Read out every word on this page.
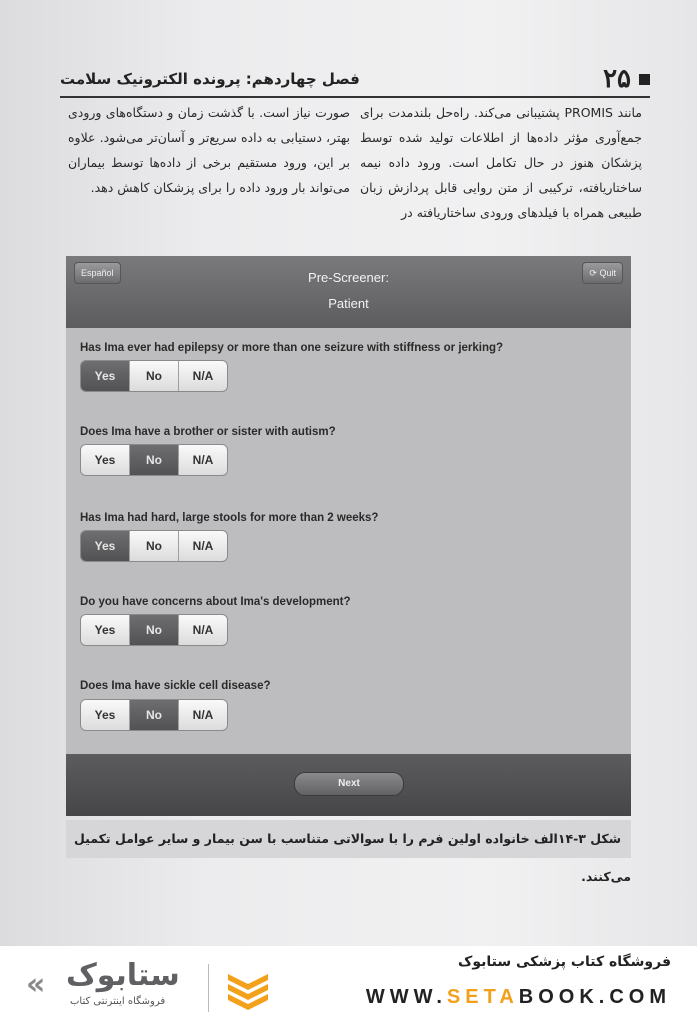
فصل چهاردهم: پرونده الکترونیک سلامت	۲۵

مانند PROMIS پشتیبانی می‌کند. راه‌حل بلندمدت برای جمع‌آوری مؤثر داده‌ها از اطلاعات تولید شده توسط پزشکان هنوز در حال تکامل است. ورود داده نیمه ساختاریافته، ترکیبی از متن روایی قابل پردازش زبان طبیعی همراه با فیلدهای ورودی ساختاریافته در

صورت نیاز است. با گذشت زمان و دستگاه‌های ورودی بهتر، دستیابی به داده سریع‌تر و آسان‌تر می‌شود. علاوه بر این، ورود مستقیم برخی از داده‌ها توسط بیماران می‌تواند بار ورود داده را برای پزشکان کاهش دهد.

Español	Pre-Screener:
Patient
⟳ Quit
Has Ima ever had epilepsy or more than one seizure with stiffness or jerking?
Yes	No	N/A
Does Ima have a brother or sister with autism?
Yes	No	N/A
Has Ima had hard, large stools for more than 2 weeks?
Yes	No	N/A
Do you have concerns about Ima's development?
Yes	No	N/A
Does Ima have sickle cell disease?
Yes	No	N/A
Next
شکل ۳-۱۴الف خانواده اولین فرم را با سوالاتی متناسب با سن بیمار و سایر عوامل تکمیل می‌کنند.
فروشگاه کتاب پزشکی ستابوک
WWW.SETABOOK.COM
« ستابوک
فروشگاه اینترنتی کتاب
